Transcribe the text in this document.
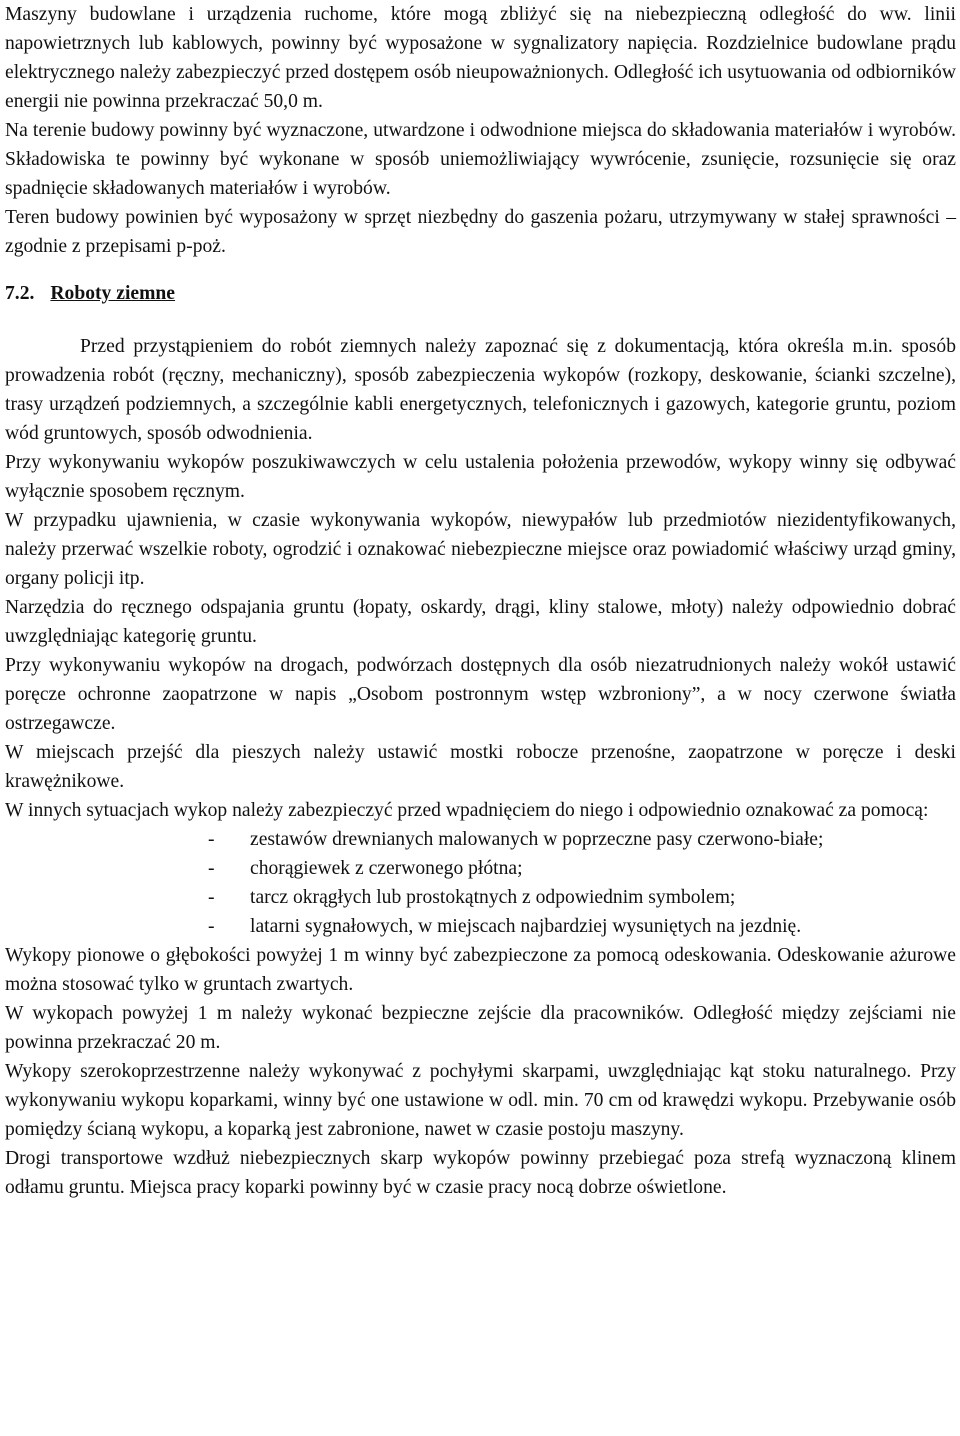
Maszyny budowlane i urządzenia ruchome, które mogą zbliżyć się na niebezpieczną odległość do ww. linii napowietrznych lub kablowych, powinny być wyposażone w sygnalizatory napięcia. Rozdzielnice budowlane prądu elektrycznego należy zabezpieczyć przed dostępem osób nieupoważnionych. Odległość ich usytuowania od odbiorników energii nie powinna przekraczać 50,0 m.

Na terenie budowy powinny być wyznaczone, utwardzone i odwodnione miejsca do składowania materiałów i wyrobów. Składowiska te powinny być wykonane w sposób uniemożliwiający wywrócenie, zsunięcie, rozsunięcie się oraz spadnięcie składowanych materiałów i wyrobów.

Teren budowy powinien być wyposażony w sprzęt niezbędny do gaszenia pożaru, utrzymywany w stałej sprawności – zgodnie z przepisami p-poż.

7.2. Roboty ziemne

Przed przystąpieniem do robót ziemnych należy zapoznać się z dokumentacją, która określa m.in. sposób prowadzenia robót (ręczny, mechaniczny), sposób zabezpieczenia wykopów (rozkopy, deskowanie, ścianki szczelne), trasy urządzeń podziemnych, a szczególnie kabli energetycznych, telefonicznych i gazowych, kategorie gruntu, poziom wód gruntowych, sposób odwodnienia.

Przy wykonywaniu wykopów poszukiwawczych w celu ustalenia położenia przewodów, wykopy winny się odbywać wyłącznie sposobem ręcznym.

W przypadku ujawnienia, w czasie wykonywania wykopów, niewypałów lub przedmiotów niezidentyfikowanych, należy przerwać wszelkie roboty, ogrodzić i oznakować niebezpieczne miejsce oraz powiadomić właściwy urząd gminy, organy policji itp.

Narzędzia do ręcznego odspajania gruntu (łopaty, oskardy, drągi, kliny stalowe, młoty) należy odpowiednio dobrać uwzględniając kategorię gruntu.

Przy wykonywaniu wykopów na drogach, podwórzach dostępnych dla osób niezatrudnionych należy wokół ustawić poręcze ochronne zaopatrzone w napis „Osobom postronnym wstęp wzbroniony”, a w nocy czerwone światła ostrzegawcze.

W miejscach przejść dla pieszych należy ustawić mostki robocze przenośne, zaopatrzone w poręcze i deski krawężnikowe.

W innych sytuacjach wykop należy zabezpieczyć przed wpadnięciem do niego i odpowiednio oznakować za pomocą:

- zestawów drewnianych malowanych w poprzeczne pasy czerwono-białe;
- chorągiewek z czerwonego płótna;
- tarcz okrągłych lub prostokątnych z odpowiednim symbolem;
- latarni sygnałowych, w miejscach najbardziej wysuniętych na jezdnię.

Wykopy pionowe o głębokości powyżej 1 m winny być zabezpieczone za pomocą odeskowania. Odeskowanie ażurowe można stosować tylko w gruntach zwartych.

W wykopach powyżej 1 m należy wykonać bezpieczne zejście dla pracowników. Odległość między zejściami nie powinna przekraczać 20 m.

Wykopy szerokoprzestrzenne należy wykonywać z pochyłymi skarpami, uwzględniając kąt stoku naturalnego. Przy wykonywaniu wykopu koparkami, winny być one ustawione w odl. min. 70 cm od krawędzi wykopu. Przebywanie osób pomiędzy ścianą wykopu, a koparką jest zabronione, nawet w czasie postoju maszyny.

Drogi transportowe wzdłuż niebezpiecznych skarp wykopów powinny przebiegać poza strefą wyznaczoną klinem odłamu gruntu. Miejsca pracy koparki powinny być w czasie pracy nocą dobrze oświetlone.
